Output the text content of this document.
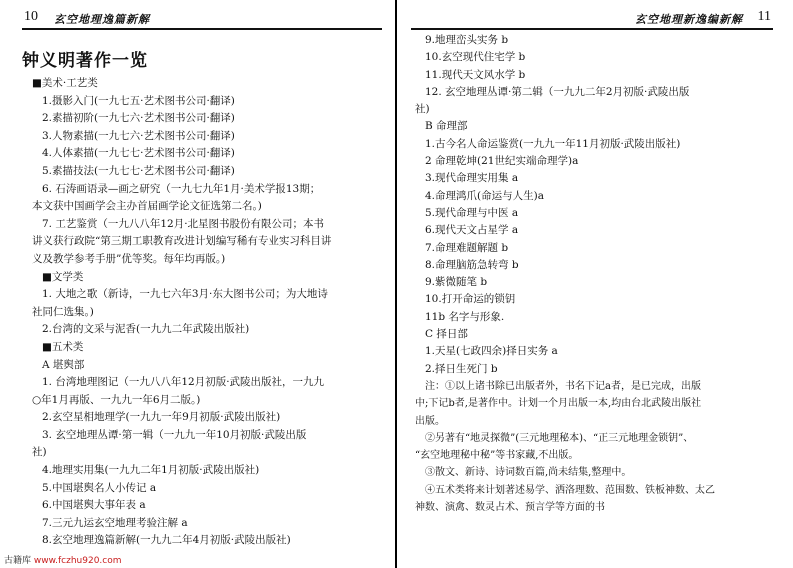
10 玄空地理逸篇新解
钟义明著作一览
■美术·工艺类
1.摄影入门(一九七五·艺术图书公司·翻译)
2.素描初阶(一九七六·艺术图书公司·翻译)
3.人物素描(一九七六·艺术图书公司·翻译)
4.人体素描(一九七七·艺术图书公司·翻译)
5.素描技法(一九七七·艺术图书公司·翻译)
6. 石涛画语录—画之研究（一九七九年1月·美术学报13期；
本文获中国画学会主办首届画学论文征选第二名。)
7. 工艺鉴赏（一九八八年12月·北星图书股份有限公司；本书
讲义获行政院“第三期工职教育改进计划编写稀有专业实习科目讲
义及教学参考手册”优等奖。每年均再版。)
■文学类
1. 大地之歌（新诗，一九七六年3月·东大图书公司；为大地诗
社同仁选集。)
2.台湾的文采与泥香(一九九二年武陵出版社)
■五术类
A 堪舆部
1. 台湾地理图记（一九八八年12月初版·武陵出版社，一九九
○年1月再版、一九九一年6月二版。)
2.玄空星相地理学(一九九一年9月初版·武陵出版社)
3. 玄空地理丛谭·第一辑（一九九一年10月初版·武陵出版
社)
4.地理实用集(一九九二年1月初版·武陵出版社)
5.中国堪舆名人小传记 a
6.中国堪舆大事年表 a
7.三元九运玄空地理考验注解 a
8.玄空地理逸篇新解(一九九二年4月初版·武陵出版社)
玄空地理新逸编新解 11
9.地理峦头实务 b
10.玄空现代住宅学 b
11.现代天文风水学 b
12. 玄空地理丛谭·第二辑（一九九二年2月初版·武陵出版
社)
B 命理部
1.古今名人命运鉴赏(一九九一年11月初版·武陵出版社)
2 命理乾坤(21世纪实端命理学)a
3.现代命理实用集 a
4.命理鸿爪(命运与人生)a
5.现代命理与中医 a
6.现代天文占星学 a
7.命理难题解题 b
8.命理脑筋急转弯 b
9.紫微随笔 b
10.打开命运的锁钥
11b 名字与形象.
C 择日部
1.天星(七政四余)择日实务 a
2.择日生死门 b
注：①以上诸书除已出版者外，书名下记a者，是已完成，出版
中;下记b者,是著作中。计划一个月出版一本,均由台北武陵出版社
出版。
②另著有“地灵探微”(三元地理秘本)、“正三元地理金锁钥”、
“玄空地理秘中秘”等书家藏,不出版。
③散文、新诗、诗词数百篇,尚未结集,整理中。
④五术类将来计划著述易学、洒洛理数、范围数、铁板神数、太乙
神数、演禽、数灵占术、预言学等方面的书
古籍库 www.fczhu920.com
